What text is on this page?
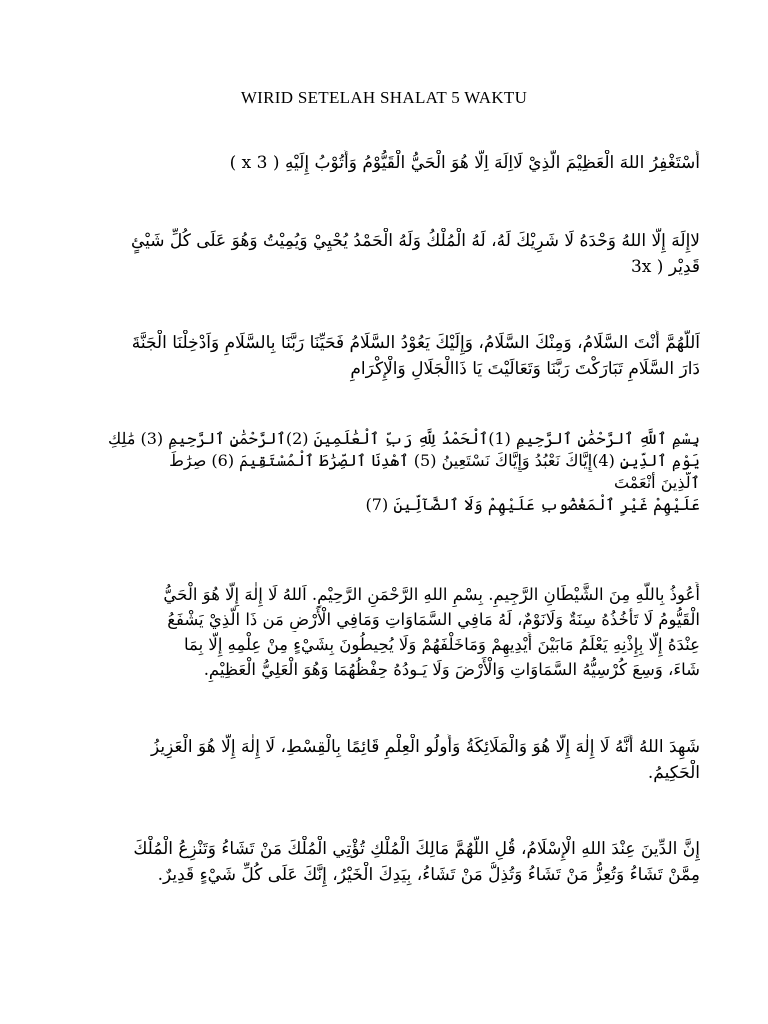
WIRID SETELAH SHALAT 5 WAKTU
أَسْتَغْفِرُ اللهَ الْعَظِيْمَ الَّذِيْ لَااِلَهَ اِلَّا هُوَ الْحَيُّ الْقَيُّوْمُ وَأَتُوْبُ إِلَيْهِ ( 3 x )
لاإِلَهَ إِلَّا اللهُ وَحْدَهُ لَا شَرِيْكَ لَهُ، لَهُ الْمُلْكُ وَلَهُ الْحَمْدُ يُحْيِيْ وَيُمِيْتُ وَهُوَ عَلَى كُلِّ شَيْئٍ
قَدِيْر ( 3x
اَللَّهُمَّ أَنْتَ السَّلَامُ، وَمِنْكَ السَّلَامُ، وَإِلَيْكَ يَعُوْدُ السَّلَامُ فَحَيِّنَا رَبَّنَا بِالسَّلَامِ وَاَدْخِلْنَا الْجَنَّةَ
دَارَ السَّلَامِ تَبَارَكْتَ رَبَّنَا وَتَعَالَيْتَ يَا ذَاالْجَلَالِ وَالْإِكْرَامِ
بِسْمِ ٱللَّهِ ٱلرَّحْمَٰنِ ٱلرَّحِيمِ (1)ٱلْحَمْدُ لِلَّهِ رَبِّ ٱلْعَٰلَمِينَ (2)ٱلرَّحْمَٰنِ ٱلرَّحِيمِ (3) مَٰلِكِ
يَوْمِ ٱلدِّينِ (4)إِيَّاكَ نَعْبُدُ وَإِيَّاكَ نَسْتَعِينُ (5) ٱهْدِنَا ٱلصِّرَٰطَ ٱلْمُسْتَقِيمَ (6) صِرَٰطَ
ٱلَّذِينَ أَنْعَمْتَ
عَلَيْهِمْ غَيْرِ ٱلْمَغْضُوبِ عَلَيْهِمْ وَلَا ٱلضَّآلِّينَ (7)
أَعُوذُ بِاللَّهِ مِنَ الشَّيْطَانِ الرَّجِيمِ. بِسْمِ اللهِ الرَّحْمَنِ الرَّحِيْمِ. اَللهُ لَا إِلٰهَ إِلَّا هُوَ الْحَيُّ
الْقَيُّومُ لَا تَأْخُذُهُ سِنَةٌ وَلَانَوْمٌ، لَهُ مَافِي السَّمَاوَاتِ وَمَافِي الْأَرْضِ مَن ذَا الَّذِيْ يَشْفَعُ
عِنْدَهُ إِلَّا بِإِذْنِهِ يَعْلَمُ مَابَيْنَ أَيْدِيهِمْ وَمَاخَلْفَهُمْ وَلَا يُحِيطُونَ بِشَيْءٍ مِنْ عِلْمِهِ إِلَّا بِمَا
شَاءَ، وَسِعَ كُرْسِيُّهُ السَّمَاوَاتِ وَالْأَرْضَ وَلَا يَـودُهُ حِفْظُهُمَا وَهُوَ الْعَلِيُّ الْعَظِيْمِ.
شَهِدَ اللهُ أَنَّهُ لَا إِلٰهَ إِلَّا هُوَ وَالْمَلَائِكَةُ وَأُولُو الْعِلْمِ قَائِمًا بِالْقِسْطِ، لَا إِلٰهَ إِلَّا هُوَ الْعَزِيزُ
الْحَكِيمُ.
إِنَّ الدِّينَ عِنْدَ اللهِ الْإِسْلَامُ، قُلِ اللَّهُمَّ مَالِكَ الْمُلْكِ تُؤْتِي الْمُلْكَ مَنْ تَشَاءُ وَتَنْزِعُ الْمُلْكَ
مِمَّنْ تَشَاءُ وَتُعِزُّ مَنْ تَشَاءُ وَتُذِلُّ مَنْ تَشَاءُ، بِيَدِكَ الْخَيْرُ، إِنَّكَ عَلَى كُلِّ شَيْءٍ قَدِيرٌ.
